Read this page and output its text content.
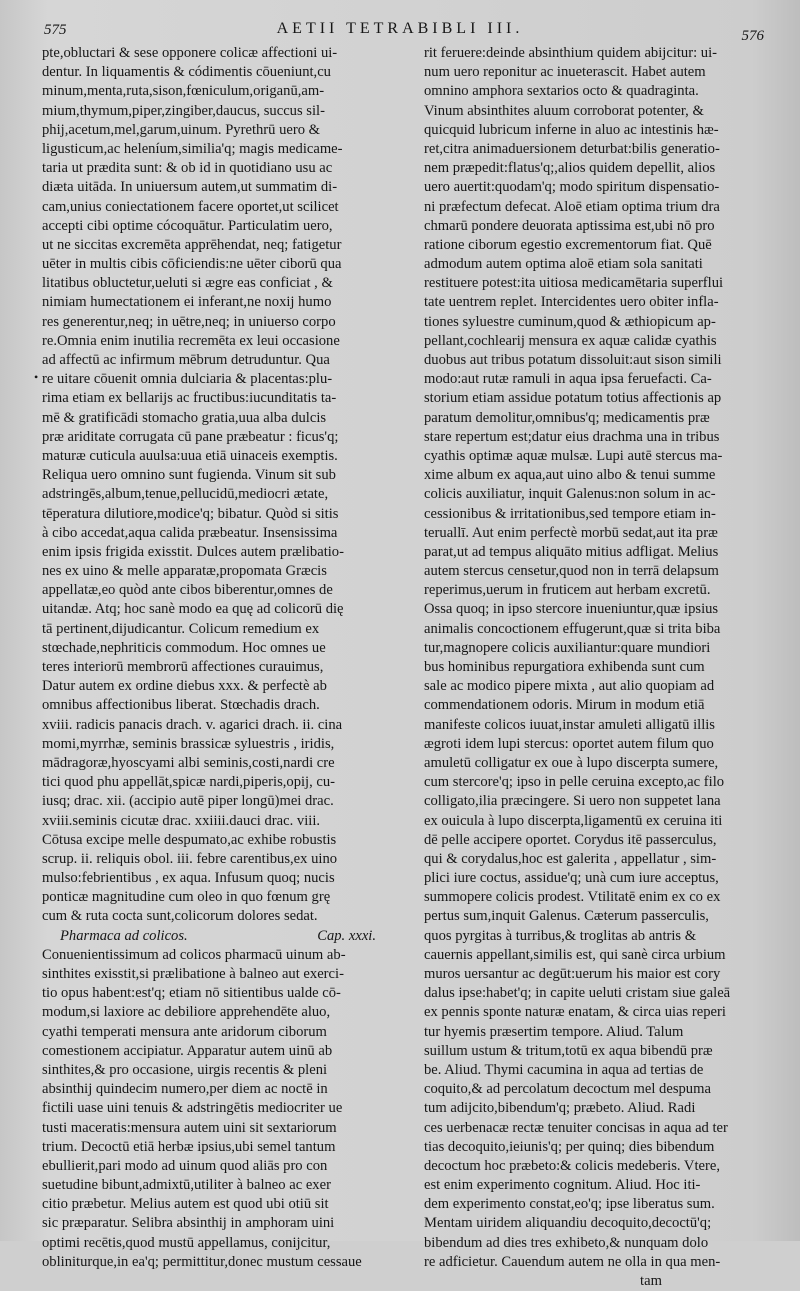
575	AETII TETRABIBLI III.	576
•
pte,obluctari & sese opponere colicæ affectioni ui-
dentur. In liquamentis & códimentis cōueniunt,cu
minum,menta,ruta,sison,fœniculum,origanū,am-
mium,thymum,piper,zingiber,daucus, succus sil-
phij,acetum,mel,garum,uinum. Pyrethrū uero &
ligusticum,ac heleníum,similia'q; magis medicame-
taria ut prædita sunt: & ob id in quotidiano usu ac
diæta uitāda. In uniuersum autem,ut summatim di-
cam,unius coniectationem facere oportet,ut scilicet
accepti cibi optime cócoquātur. Particulatim uero,
ut ne siccitas excremēta apprēhendat, neq; fatigetur
uēter in multis cibis cōficiendis:ne uēter ciborū qua
litatibus obluctetur,ueluti si ægre eas conficiat , &
nimiam humectationem ei inferant,ne noxij humo
res generentur,neq; in uētre,neq; in uniuerso corpo
re.Omnia enim inutilia recremēta ex leui occasione
ad affectū ac infirmum mēbrum detruduntur. Qua
re uitare cōuenit omnia dulciaria & placentas:plu-
rima etiam ex bellarijs ac fructibus:iucunditatis ta-
mē & gratificādi stomacho gratia,uua alba dulcis
præ ariditate corrugata cū pane præbeatur : ficus'q;
maturæ cuticula auulsa:uua etiā uinaceis exemptis.
Reliqua uero omnino sunt fugienda. Vinum sit sub
adstringēs,album,tenue,pellucidū,mediocri ætate,
tēperatura dilutiore,modice'q; bibatur. Quòd si sitis
à cibo accedat,aqua calida præbeatur. Insensissima
enim ipsis frigida exisstit. Dulces autem prælibatio-
nes ex uino & melle apparatæ,propomata Græcis
appellatæ,eo quòd ante cibos biberentur,omnes de
uitandæ. Atq; hoc sanè modo ea quę ad colicorū dię
tā pertinent,dijudicantur. Colicum remedium ex
stœchade,nephriticis commodum. Hoc omnes ue
teres interiorū membrorū affectiones curauimus,
Datur autem ex ordine diebus xxx. & perfectè ab
omnibus affectionibus liberat. Stœchadis drach.
xviii. radicis panacis drach. v. agarici drach. ii. cina
momi,myrrhæ, seminis brassicæ syluestris , iridis,
mādragoræ,hyoscyami albi seminis,costi,nardi cre
tici quod phu appellāt,spicæ nardi,piperis,opij, cu-
iusq; drac. xii. (accipio autē piper longū)mei drac.
xviii.seminis cicutæ drac. xxiiii.dauci drac. viii.
Cōtusa excipe melle despumato,ac exhibe robustis
scrup. ii. reliquis obol. iii. febre carentibus,ex uino
mulso:febrientibus , ex aqua. Infusum quoq; nucis
ponticæ magnitudine cum oleo in quo fœnum grę
cum & ruta cocta sunt,colicorum dolores sedat.
Pharmaca ad colicos.	Cap. xxxi.
Conuenientissimum ad colicos pharmacū uinum ab-
sinthites exisstit,si prælibatione à balneo aut exerci-
tio opus habent:est'q; etiam nō sitientibus ualde cō-
modum,si laxiore ac debiliore apprehendēte aluo,
cyathi temperati mensura ante aridorum ciborum
comestionem accipiatur. Apparatur autem uinū ab
sinthites,& pro occasione, uirgis recentis & pleni
absinthij quindecim numero,per diem ac noctē in
fictili uase uini tenuis & adstringētis mediocriter ue
tusti maceratis:mensura autem uini sit sextariorum
trium. Decoctū etiā herbæ ipsius,ubi semel tantum
ebullierit,pari modo ad uinum quod aliās pro con
suetudine bibunt,admixtū,utiliter à balneo ac exer
citio præbetur. Melius autem est quod ubi otiū sit
sic præparatur. Selibra absinthij in amphoram uini
optimi recētis,quod mustū appellamus, conijcitur,
obliniturque,in ea'q; permittitur,donec mustum cessaue
rit feruere:deinde absinthium quidem abijcitur: ui-
num uero reponitur ac inueterascit. Habet autem
omnino amphora sextarios octo & quadraginta.
Vinum absinthites aluum corroborat potenter, &
quicquid lubricum inferne in aluo ac intestinis hæ-
ret,citra animaduersionem deturbat:bilis generatio-
nem præpedit:flatus'q;,alios quidem depellit, alios
uero auertit:quodam'q; modo spiritum dispensatio-
ni præfectum defecat. Aloē etiam optima trium dra
chmarū pondere deuorata aptissima est,ubi nō pro
ratione ciborum egestio excrementorum fiat. Quē
admodum autem optima aloē etiam sola sanitati
restituere potest:ita uitiosa medicamētaria superflui
tate uentrem replet. Intercidentes uero obiter infla-
tiones syluestre cuminum,quod & æthiopicum ap-
pellant,cochlearij mensura ex aquæ calidæ cyathis
duobus aut tribus potatum dissoluit:aut sison simili
modo:aut rutæ ramuli in aqua ipsa feruefacti. Ca-
storium etiam assidue potatum totius affectionis ap
paratum demolitur,omnibus'q; medicamentis præ
stare repertum est;datur eius drachma una in tribus
cyathis optimæ aquæ mulsæ. Lupi autē stercus ma-
xime album ex aqua,aut uino albo & tenui summe
colicis auxiliatur, inquit Galenus:non solum in ac-
cessionibus & irritationibus,sed tempore etiam in-
teruallī. Aut enim perfectè morbū sedat,aut ita præ
parat,ut ad tempus aliquāto mitius adfligat. Melius
autem stercus censetur,quod non in terrā delapsum
reperimus,uerum in fruticem aut herbam excretū.
Ossa quoq; in ipso stercore inueniuntur,quæ ipsius
animalis concoctionem effugerunt,quæ si trita biba
tur,magnopere colicis auxiliantur:quare mundiori
bus hominibus repurgatiora exhibenda sunt cum
sale ac modico pipere mixta , aut alio quopiam ad
commendationem odoris. Mirum in modum etiā
manifeste colicos iuuat,instar amuleti alligatū illis
ægroti idem lupi stercus: oportet autem filum quo
amuletū colligatur ex oue à lupo discerpta sumere,
cum stercore'q; ipso in pelle ceruina excepto,ac filo
colligato,ilia præcingere. Si uero non suppetet lana
ex ouicula à lupo discerpta,ligamentū ex ceruina iti
dē pelle accipere oportet. Corydus itē passerculus,
qui & corydalus,hoc est galerita , appellatur , sim-
plici iure coctus, assidue'q; unà cum iure acceptus,
summopere colicis prodest. Vtilitatē enim ex co ex
pertus sum,inquit Galenus. Cæterum passerculis,
quos pyrgitas à turribus,& troglitas ab antris &
cauernis appellant,similis est, qui sanè circa urbium
muros uersantur ac degūt:uerum his maior est cory
dalus ipse:habet'q; in capite ueluti cristam siue galeā
ex pennis sponte naturæ enatam, & circa uias reperi
tur hyemis præsertim tempore. Aliud. Talum
suillum ustum & tritum,totū ex aqua bibendū præ
be. Aliud. Thymi cacumina in aqua ad tertias de
coquito,& ad percolatum decoctum mel despuma
tum adijcito,bibendum'q; præbeto. Aliud. Radi
ces uerbenacæ rectæ tenuiter concisas in aqua ad ter
tias decoquito,ieiunis'q; per quinq; dies bibendum
decoctum hoc præbeto:& colicis medeberis. Vtere,
est enim experimento cognitum. Aliud. Hoc iti-
dem experimento constat,eo'q; ipse liberatus sum.
Mentam uiridem aliquandiu decoquito,decoctū'q;
bibendum ad dies tres exhibeto,& nunquam dolo
re adficietur. Cauendum autem ne olla in qua men-
tam
